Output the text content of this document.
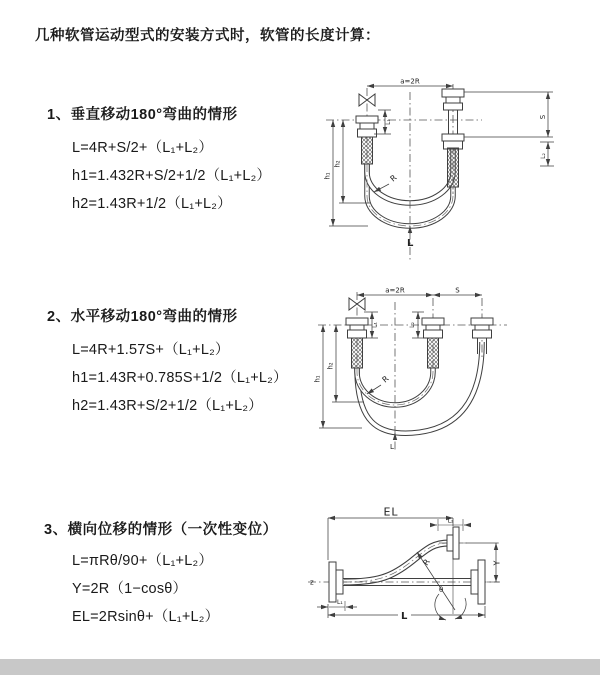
几种软管运动型式的安装方式时，软管的长度计算：
1、垂直移动180°弯曲的情形
L=4R+S/2+（L₁+L₂）
h1=1.432R+S/2+1/2（L₁+L₂）
h2=1.43R+1/2（L₁+L₂）
a=2R
S
L₂
h₁
h₂
L₁
R
L
2、水平移动180°弯曲的情形
L=4R+1.57S+（L₁+L₂）
h1=1.43R+0.785S+1/2（L₁+L₂）
h2=1.43R+S/2+1/2（L₁+L₂）
a=2R	S
L₁	L₂
h₁
h₂
R
L
3、横向位移的情形（一次性变位）
L=πRθ/90+（L₁+L₂）
Y=2R（1−cosθ）
EL=2Rsinθ+（L₁+L₂）
EL
L₂
Y
R
θ
L
L₁
z
